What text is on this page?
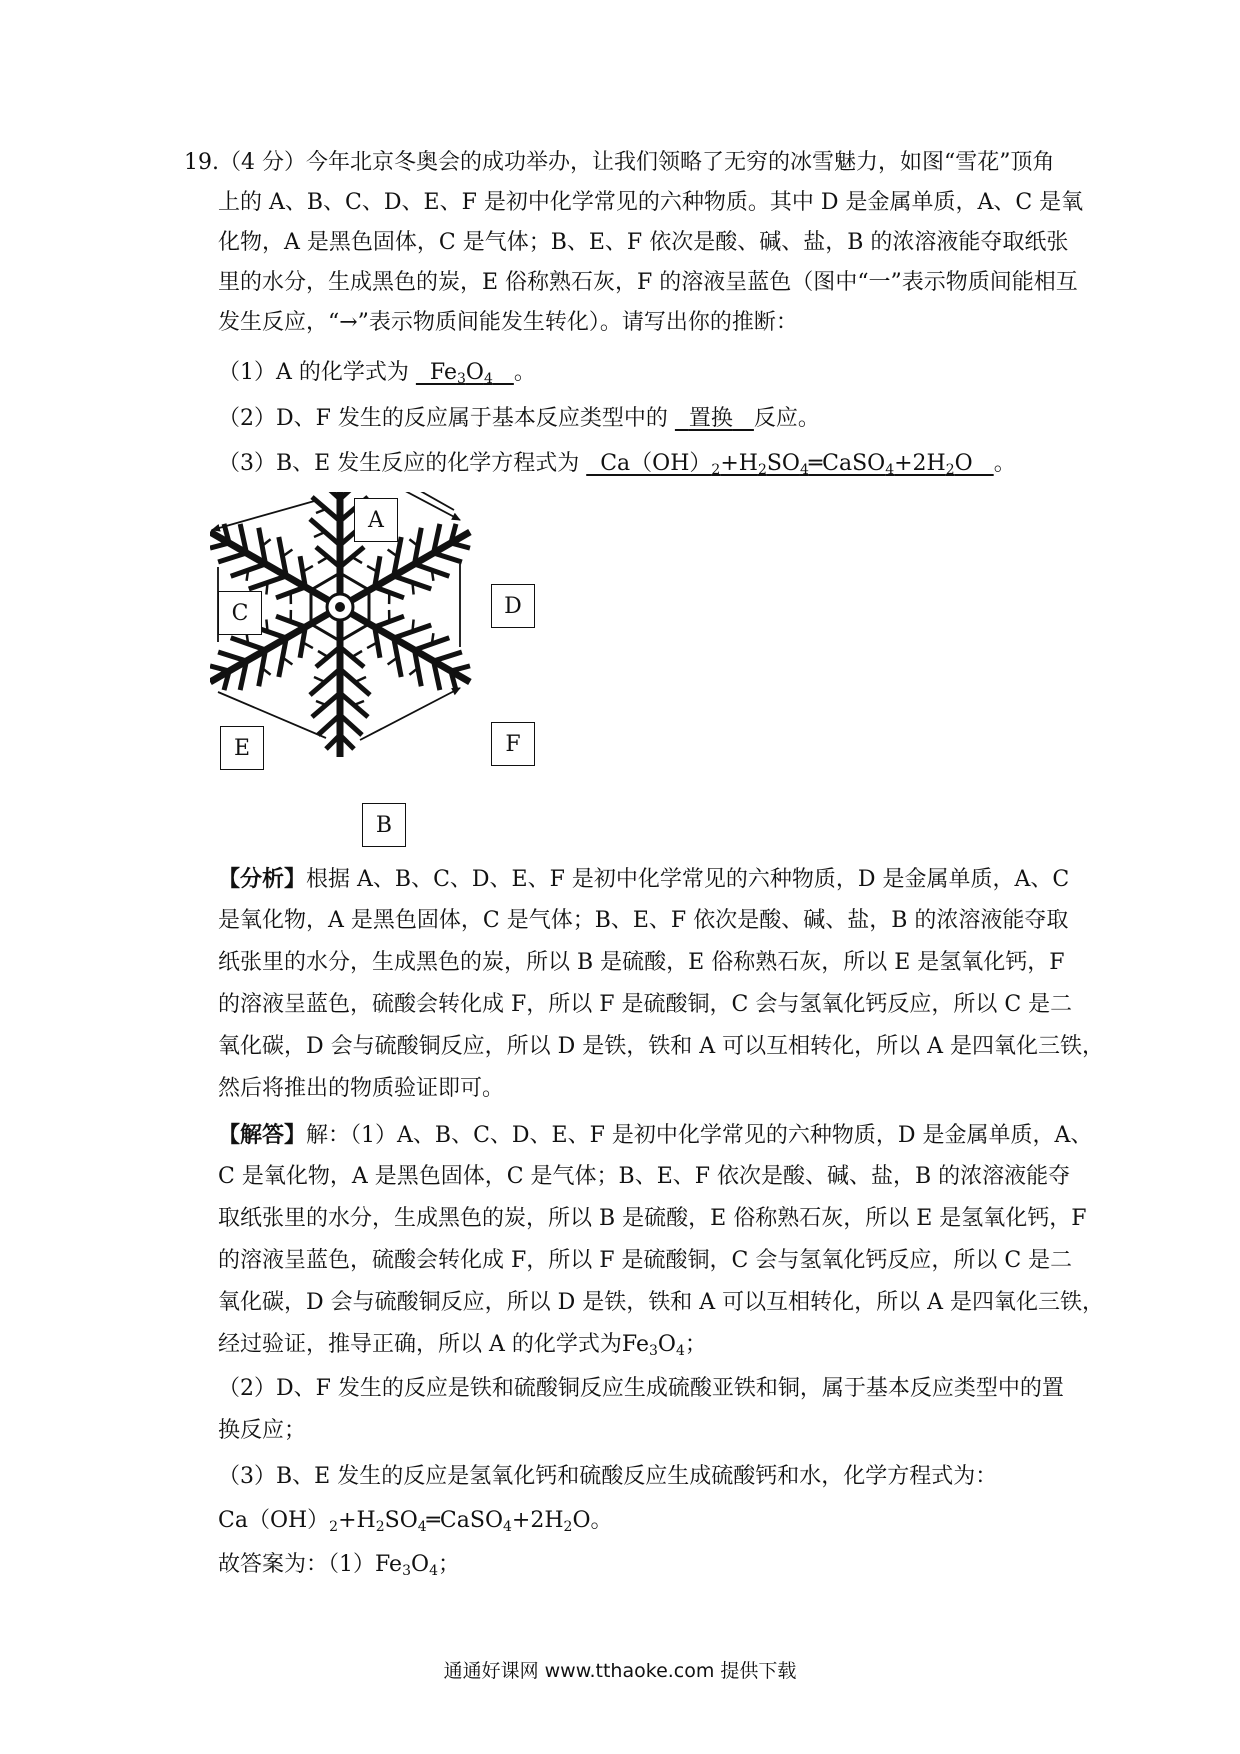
19.（4 分）今年北京冬奥会的成功举办，让我们领略了无穷的冰雪魅力，如图“雪花”顶角
上的 A、B、C、D、E、F 是初中化学常见的六种物质。其中 D 是金属单质，A、C 是氧
化物，A 是黑色固体，C 是气体；B、E、F 依次是酸、碱、盐，B 的浓溶液能夺取纸张
里的水分，生成黑色的炭，E 俗称熟石灰，F 的溶液呈蓝色（图中“一”表示物质间能相互
发生反应，“→”表示物质间能发生转化）。请写出你的推断：
（1）A 的化学式为   $Fe_3O_4$ 。
（2）D、F 发生的反应属于基本反应类型中的 置换 反应。
（3）B、E 发生反应的化学方程式为   $Ca(OH)_2+H_2SO_4═CaSO_4+2H_2O$   。
A
C	D
E	F
B
【分析】根据 A、B、C、D、E、F 是初中化学常见的六种物质，D 是金属单质，A、C
是氧化物，A 是黑色固体，C 是气体；B、E、F 依次是酸、碱、盐，B 的浓溶液能夺取
纸张里的水分，生成黑色的炭，所以 B 是硫酸，E 俗称熟石灰，所以 E 是氢氧化钙，F
的溶液呈蓝色，硫酸会转化成 F，所以 F 是硫酸铜，C 会与氢氧化钙反应，所以 C 是二
氧化碳，D 会与硫酸铜反应，所以 D 是铁，铁和 A 可以互相转化，所以 A 是四氧化三铁，
然后将推出的物质验证即可。
【解答】解：（1）A、B、C、D、E、F 是初中化学常见的六种物质，D 是金属单质，A、
C 是氧化物，A 是黑色固体，C 是气体；B、E、F 依次是酸、碱、盐，B 的浓溶液能夺
取纸张里的水分，生成黑色的炭，所以 B 是硫酸，E 俗称熟石灰，所以 E 是氢氧化钙，F
的溶液呈蓝色，硫酸会转化成 F，所以 F 是硫酸铜，C 会与氢氧化钙反应，所以 C 是二
氧化碳，D 会与硫酸铜反应，所以 D 是铁，铁和 A 可以互相转化，所以 A 是四氧化三铁，
经过验证，推导正确，所以 A 的化学式为$Fe_3O_4$；
（2）D、F 发生的反应是铁和硫酸铜反应生成硫酸亚铁和铜，属于基本反应类型中的置
换反应；
（3）B、E 发生的反应是氢氧化钙和硫酸反应生成硫酸钙和水，化学方程式为：
$Ca(OH)_2+H_2SO_4═CaSO_4+2H_2O$。
故答案为：$(1)Fe_3O_4$；
通通好课网 www.tthaoke.com 提供下载
